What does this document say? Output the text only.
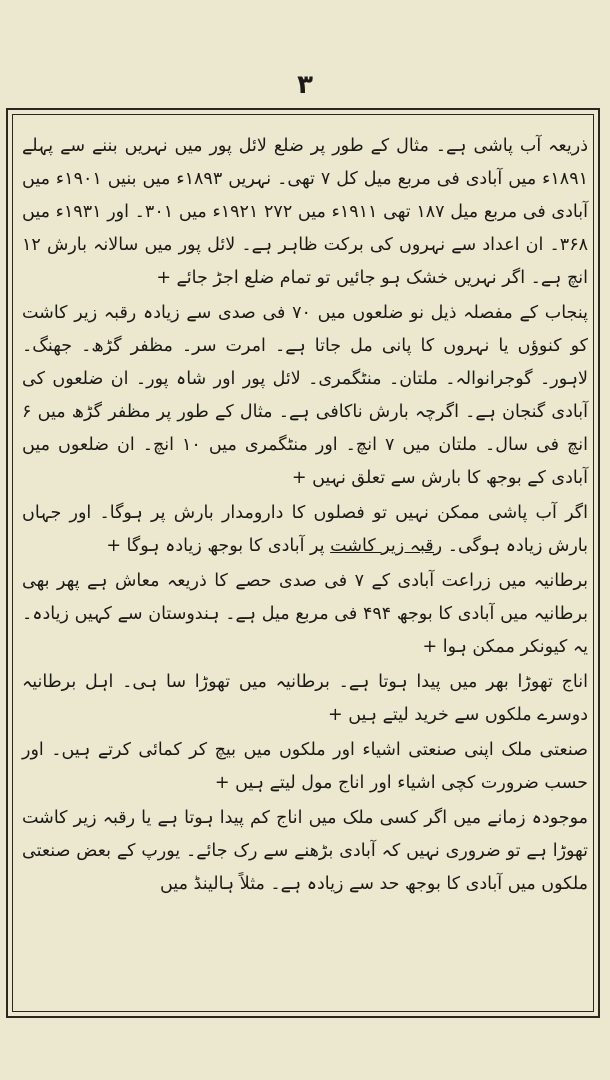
۳

ذریعہ آب پاشی ہے۔ مثال کے طور پر ضلع لائل پور میں نہریں بننے سے پہلے ۱۸۹۱ء میں آبادی فی مربع میل کل ۷ تھی۔ نہریں ۱۸۹۳ء میں بنیں ۱۹۰۱ء میں آبادی فی مربع میل ۱۸۷ تھی ۱۹۱۱ء میں ۲۷۲ ۱۹۲۱ء میں ۳۰۱۔ اور ۱۹۳۱ء میں ۳۶۸۔ ان اعداد سے نہروں کی برکت ظاہر ہے۔ لائل پور میں سالانہ بارش ۱۲ انچ ہے۔ اگر نہریں خشک ہو جائیں تو تمام ضلع اجڑ جائے +

پنجاب کے مفصلہ ذیل نو ضلعوں میں ۷۰ فی صدی سے زیادہ رقبہ زیر کاشت کو کنوؤں یا نہروں کا پانی مل جاتا ہے۔ امرت سر۔ مظفر گڑھ۔ جھنگ۔ لاہور۔ گوجرانوالہ۔ ملتان۔ منٹگمری۔ لائل پور اور شاہ پور۔ ان ضلعوں کی آبادی گنجان ہے۔ اگرچہ بارش ناکافی ہے۔ مثال کے طور پر مظفر گڑھ میں ۶ انچ فی سال۔ ملتان میں ۷ انچ۔ اور منٹگمری میں ۱۰ انچ۔ ان ضلعوں میں آبادی کے بوجھ کا بارش سے تعلق نہیں +

اگر آب پاشی ممکن نہیں تو فصلوں کا دارومدار بارش پر ہوگا۔ اور جہاں بارش زیادہ ہوگی۔ رقبہ زیر کاشت پر آبادی کا بوجھ زیادہ ہوگا +

برطانیہ میں زراعت آبادی کے ۷ فی صدی حصے کا ذریعہ معاش ہے پھر بھی برطانیہ میں آبادی کا بوجھ ۴۹۴ فی مربع میل ہے۔ ہندوستان سے کہیں زیادہ۔ یہ کیونکر ممکن ہوا +

اناج تھوڑا بھر میں پیدا ہوتا ہے۔ برطانیہ میں تھوڑا سا ہی۔ اہل برطانیہ دوسرے ملکوں سے خرید لیتے ہیں +

صنعتی ملک اپنی صنعتی اشیاء اور ملکوں میں بیچ کر کمائی کرتے ہیں۔ اور حسب ضرورت کچی اشیاء اور اناج مول لیتے ہیں +

موجودہ زمانے میں اگر کسی ملک میں اناج کم پیدا ہوتا ہے یا رقبہ زیر کاشت تھوڑا ہے تو ضروری نہیں کہ آبادی بڑھنے سے رک جائے۔ یورپ کے بعض صنعتی ملکوں میں آبادی کا بوجھ حد سے زیادہ ہے۔ مثلاً ہالینڈ میں
